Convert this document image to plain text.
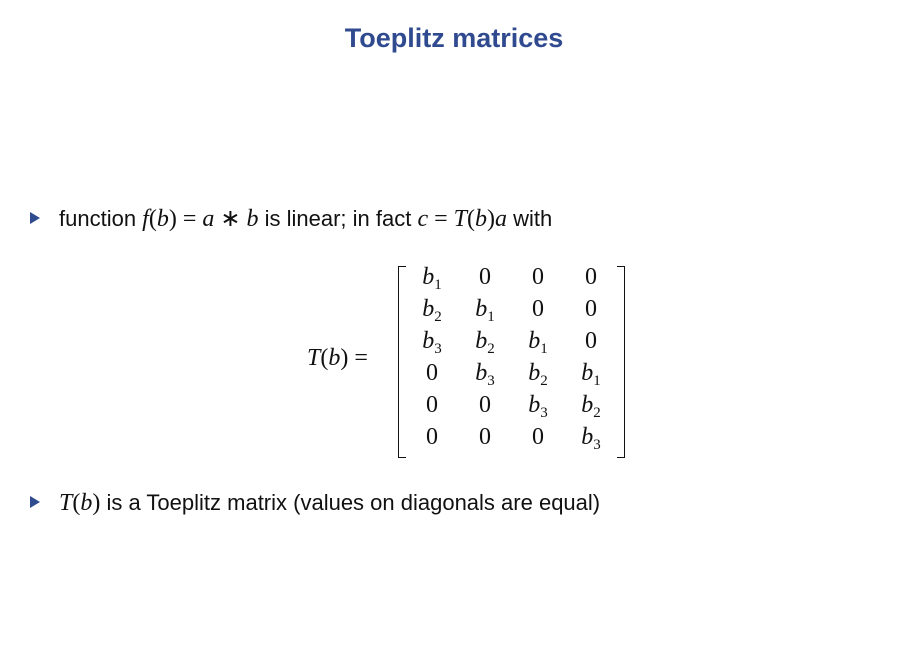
Toeplitz matrices
function f(b) = a ∗ b is linear; in fact c = T(b)a with
T(b) =
$b_1$	0	0	0
$b_2$	$b_1$	0	0
$b_3$	$b_2$	$b_1$	0
0	$b_3$	$b_2$	$b_1$
0	0	$b_3$	$b_2$
0	0	0	$b_3$
T(b) is a Toeplitz matrix (values on diagonals are equal)
